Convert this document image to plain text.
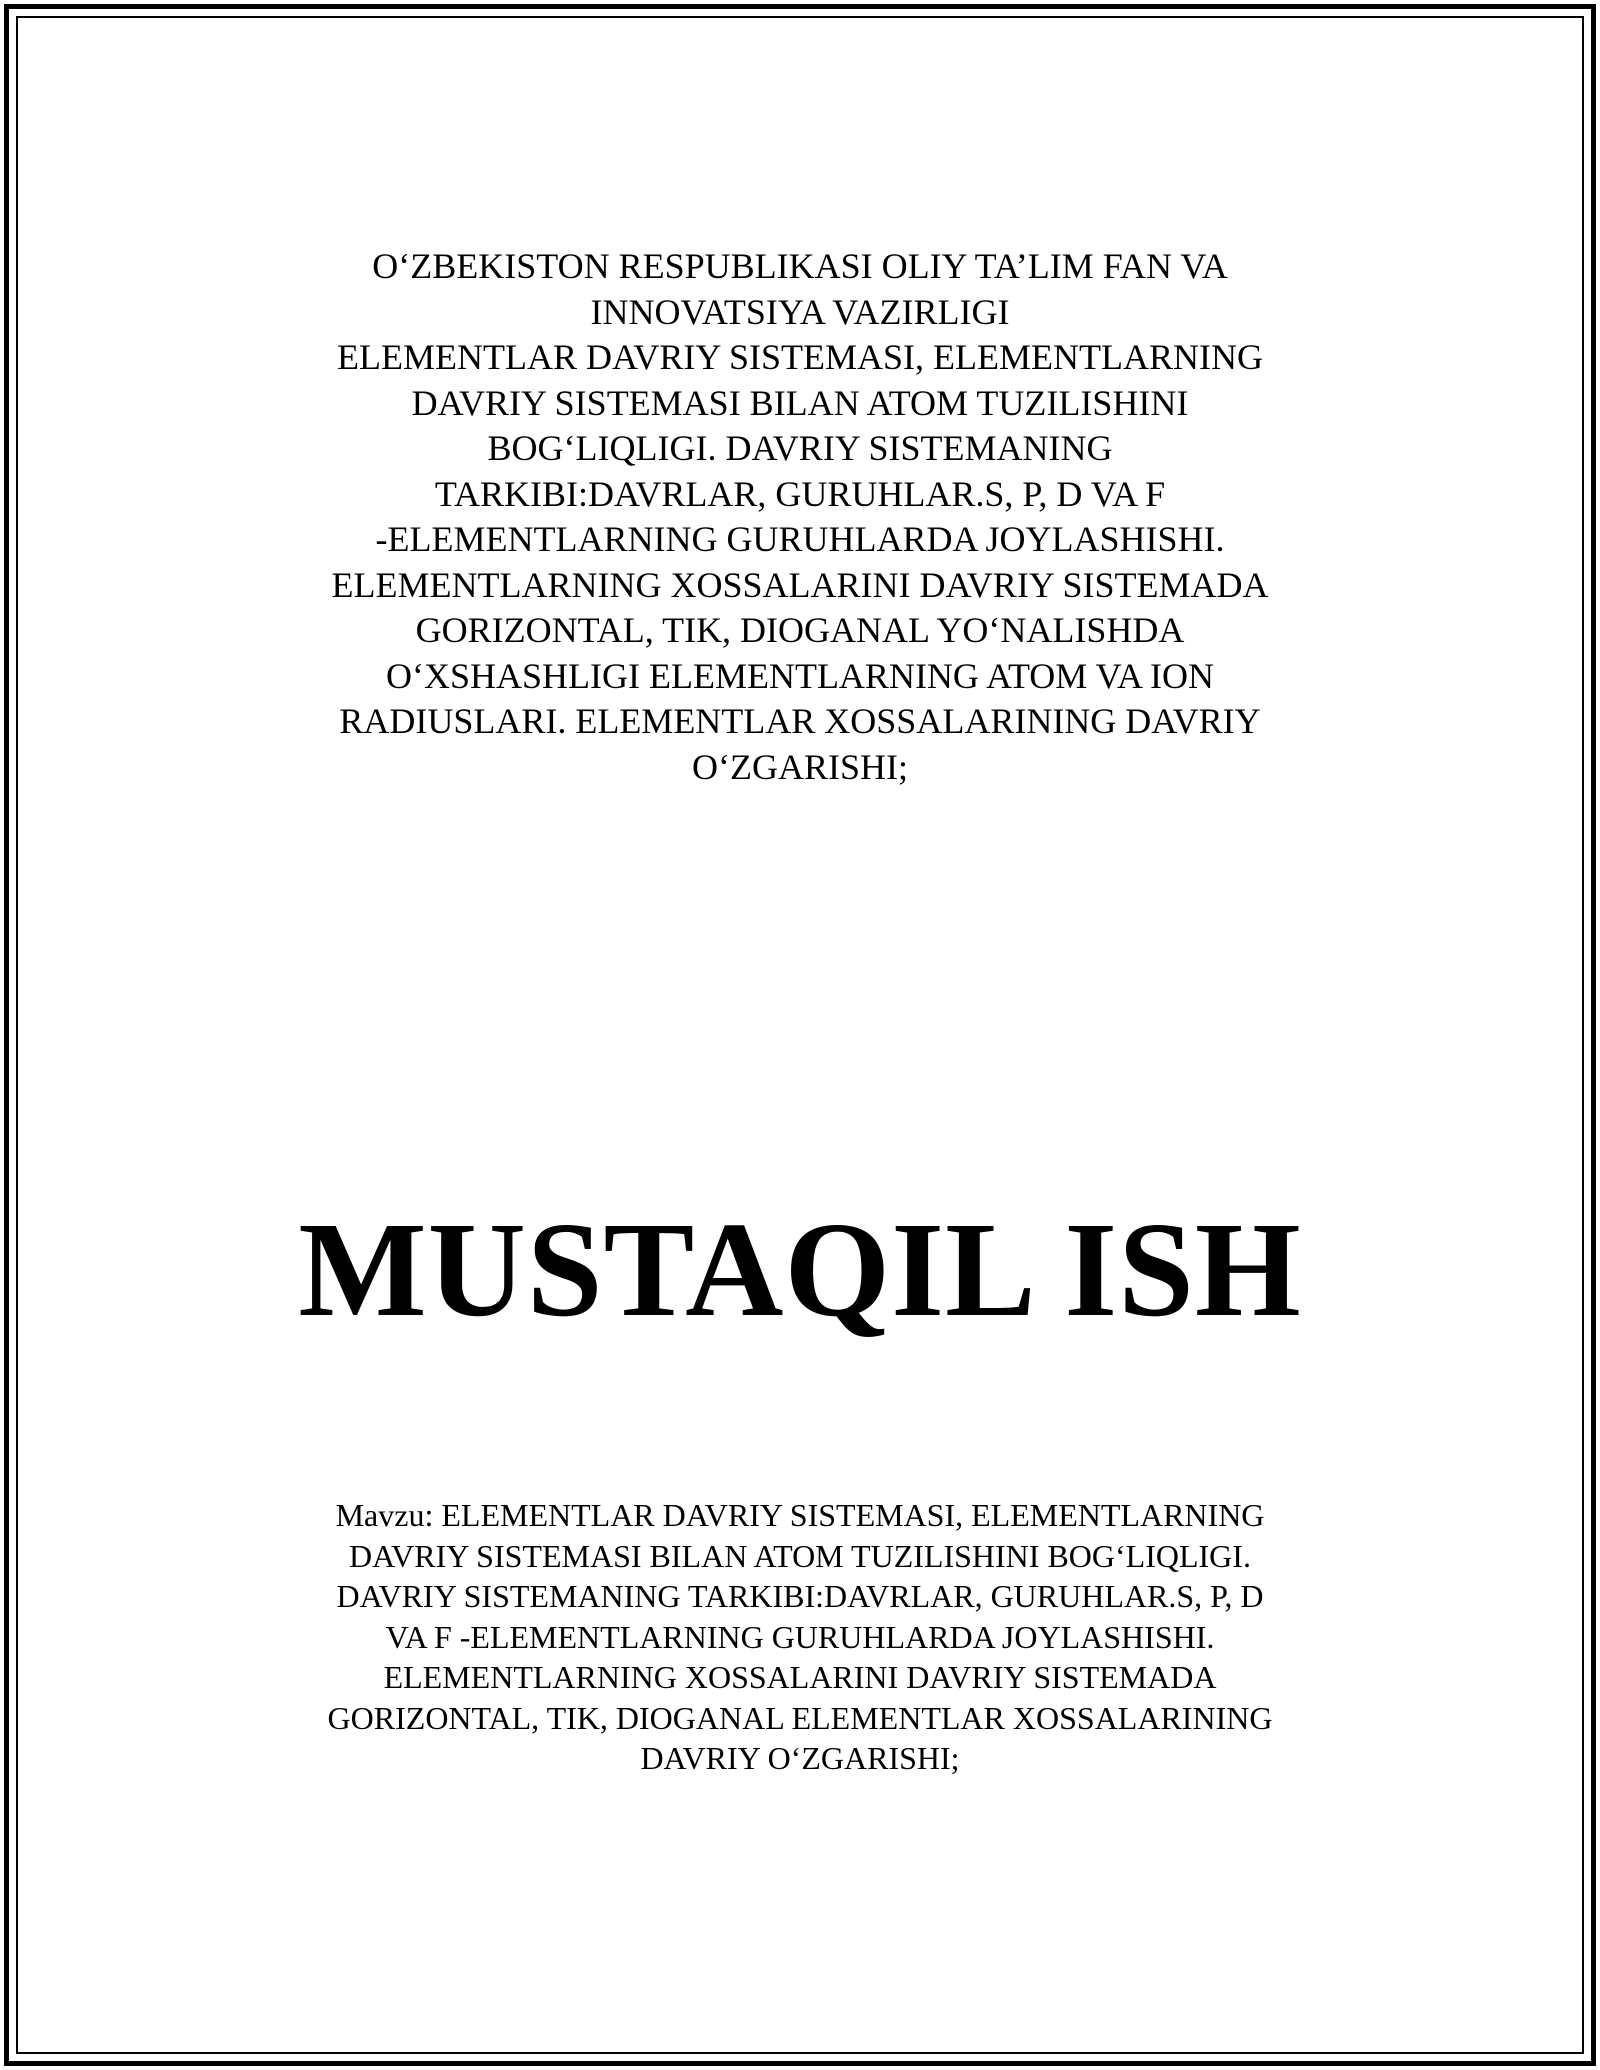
O‘ZBEKISTON RESPUBLIKASI OLIY TA’LIM FAN VA
INNOVATSIYA VAZIRLIGI
ELEMENTLAR DAVRIY SISTEMASI, ELEMENTLARNING
DAVRIY SISTEMASI BILAN ATOM TUZILISHINI
BOG‘LIQLIGI. DAVRIY SISTEMANING
TARKIBI:DAVRLAR, GURUHLAR.S, P, D VA F
-ELEMENTLARNING GURUHLARDA JOYLASHISHI.
ELEMENTLARNING XOSSALARINI DAVRIY SISTEMADA
GORIZONTAL, TIK, DIOGANAL YO‘NALISHDA
O‘XSHASHLIGI ELEMENTLARNING ATOM VA ION
RADIUSLARI. ELEMENTLAR XOSSALARINING DAVRIY
O‘ZGARISHI;
MUSTAQIL ISH
Mavzu: ELEMENTLAR DAVRIY SISTEMASI, ELEMENTLARNING
DAVRIY SISTEMASI BILAN ATOM TUZILISHINI BOG‘LIQLIGI.
DAVRIY SISTEMANING TARKIBI:DAVRLAR, GURUHLAR.S, P, D
VA F -ELEMENTLARNING GURUHLARDA JOYLASHISHI.
ELEMENTLARNING XOSSALARINI DAVRIY SISTEMADA
GORIZONTAL, TIK, DIOGANAL ELEMENTLAR XOSSALARINING
DAVRIY O‘ZGARISHI;
